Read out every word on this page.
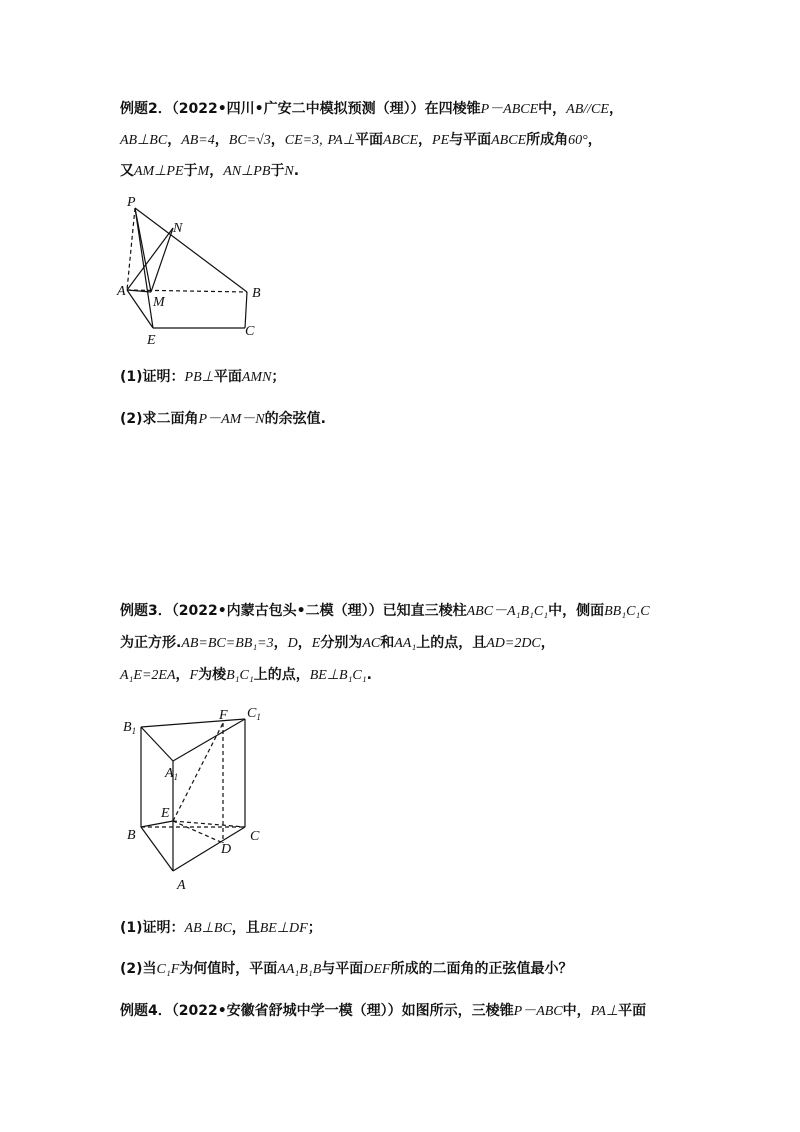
例题2．（2022•四川•广安二中模拟预测（理））在四棱锥P－ABCE中，AB//CE，
AB⊥BC，AB=4，BC=√3，CE=3, PA⊥平面ABCE，PE与平面ABCE所成角60°，
又AM⊥PE于M，AN⊥PB于N.
P
N
A
M
B
E
C
(1)证明：PB⊥平面AMN；
(2)求二面角P－AM－N的余弦值.
例题3．（2022•内蒙古包头•二模（理））已知直三棱柱ABC－A₁B₁C₁中，侧面BB₁C₁C
为正方形.AB=BC=BB₁=3，D，E分别为AC和AA₁上的点，且AD=2DC，
A₁E=2EA，F为棱B₁C₁上的点，BE⊥B₁C₁.
$B_1$
$C_1$
$A_1$
F
E
B	C
D
A
(1)证明：AB⊥BC，且BE⊥DF；
(2)当C₁F为何值时，平面AA₁B₁B与平面DEF所成的二面角的正弦值最小？
例题4．（2022•安徽省舒城中学一模（理））如图所示，三棱锥P－ABC中，PA⊥平面
